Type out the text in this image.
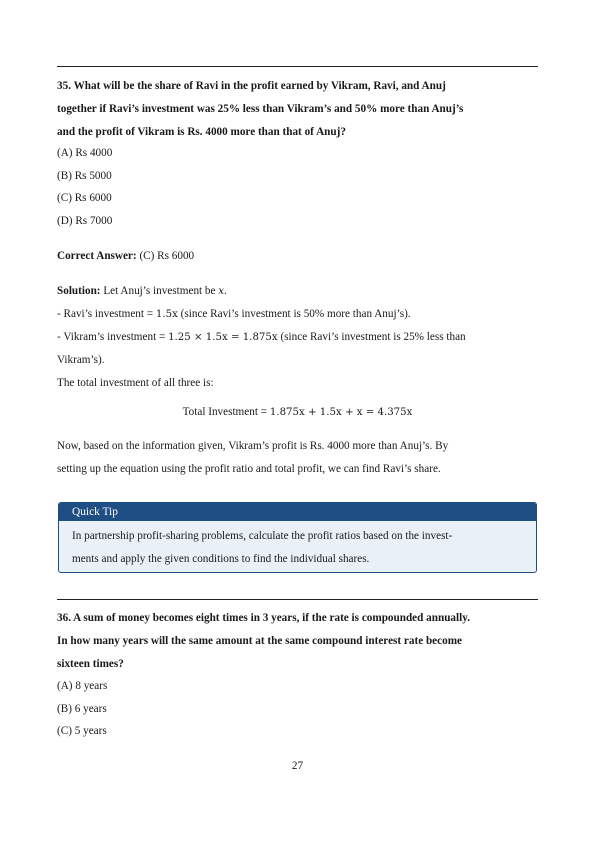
35. What will be the share of Ravi in the profit earned by Vikram, Ravi, and Anuj
together if Ravi’s investment was 25% less than Vikram’s and 50% more than Anuj’s
and the profit of Vikram is Rs. 4000 more than that of Anuj?
(A) Rs 4000
(B) Rs 5000
(C) Rs 6000
(D) Rs 7000
Correct Answer: (C) Rs 6000
Solution: Let Anuj’s investment be x.
- Ravi’s investment = 1.5x (since Ravi’s investment is 50% more than Anuj’s).
- Vikram’s investment = 1.25 × 1.5x = 1.875x (since Ravi’s investment is 25% less than
Vikram’s).
The total investment of all three is:
Total Investment = 1.875x + 1.5x + x = 4.375x
Now, based on the information given, Vikram’s profit is Rs. 4000 more than Anuj’s. By
setting up the equation using the profit ratio and total profit, we can find Ravi’s share.
Quick Tip
In partnership profit-sharing problems, calculate the profit ratios based on the invest-
ments and apply the given conditions to find the individual shares.
36. A sum of money becomes eight times in 3 years, if the rate is compounded annually.
In how many years will the same amount at the same compound interest rate become
sixteen times?
(A) 8 years
(B) 6 years
(C) 5 years
27
